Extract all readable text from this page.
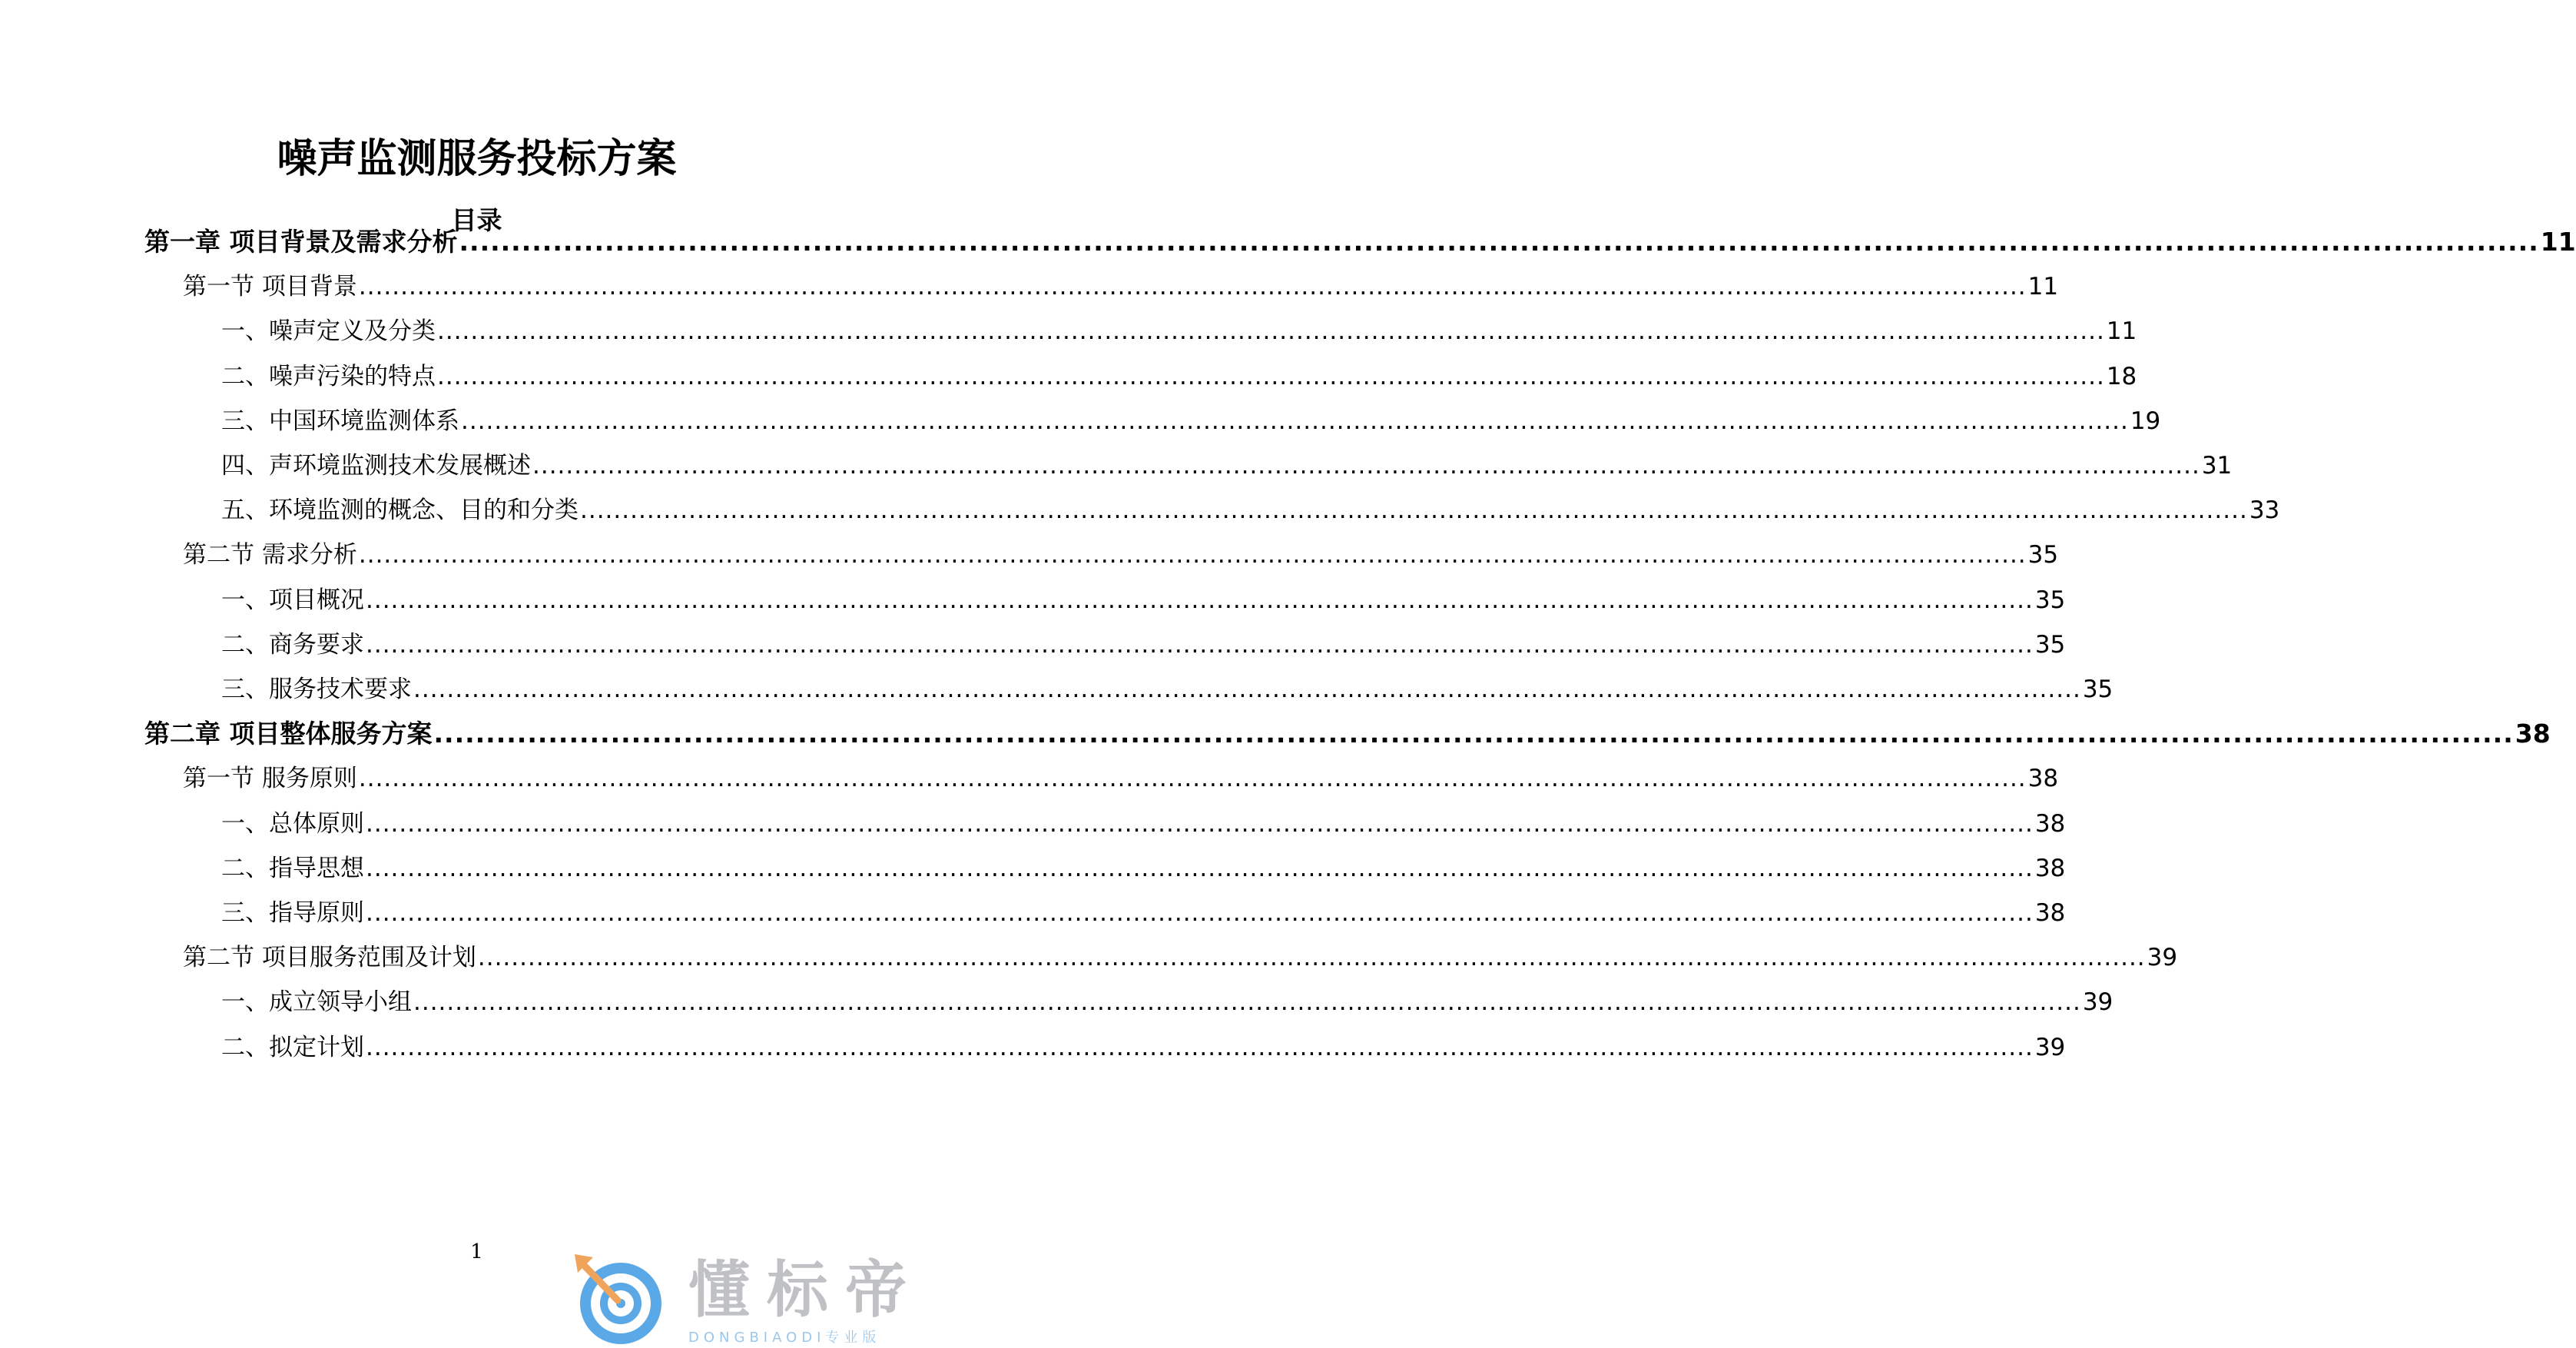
噪声监测服务投标方案
目录
第一章 项目背景及需求分析 ........................................................................................................................................................................................................ 11
第一节 项目背景 ........................................................................................................................................................................................................ 11
一、噪声定义及分类 ........................................................................................................................................................................................................ 11
二、噪声污染的特点 ........................................................................................................................................................................................................ 18
三、中国环境监测体系 ........................................................................................................................................................................................................ 19
四、声环境监测技术发展概述 ........................................................................................................................................................................................................ 31
五、环境监测的概念、目的和分类 ........................................................................................................................................................................................................ 33
第二节 需求分析 ........................................................................................................................................................................................................ 35
一、项目概况 ........................................................................................................................................................................................................ 35
二、商务要求 ........................................................................................................................................................................................................ 35
三、服务技术要求 ........................................................................................................................................................................................................ 35
第二章 项目整体服务方案 ........................................................................................................................................................................................................ 38
第一节 服务原则 ........................................................................................................................................................................................................ 38
一、总体原则 ........................................................................................................................................................................................................ 38
二、指导思想 ........................................................................................................................................................................................................ 38
三、指导原则 ........................................................................................................................................................................................................ 38
第二节 项目服务范围及计划 ........................................................................................................................................................................................................ 39
一、成立领导小组 ........................................................................................................................................................................................................ 39
二、拟定计划 ........................................................................................................................................................................................................ 39
1
懂标帝
DONGBIAODI专业版
